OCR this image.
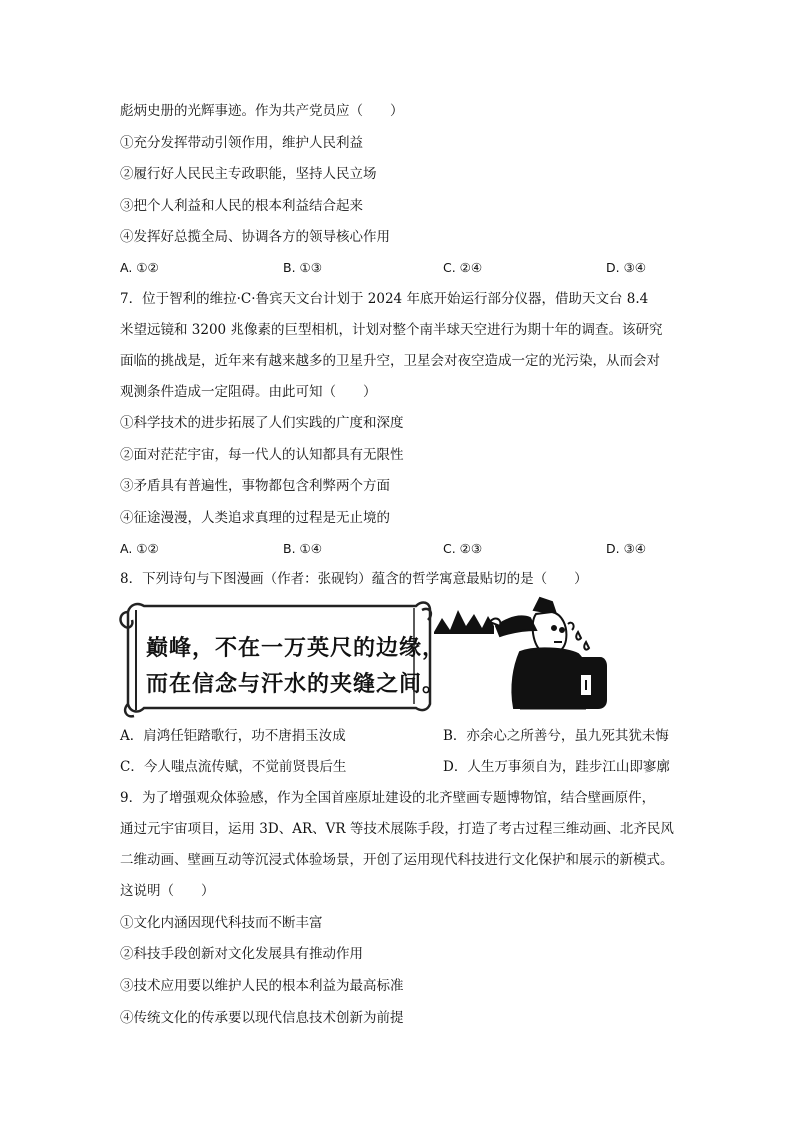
彪炳史册的光辉事迹。作为共产党员应（　　）
①充分发挥带动引领作用，维护人民利益
②履行好人民民主专政职能，坚持人民立场
③把个人利益和人民的根本利益结合起来
④发挥好总揽全局、协调各方的领导核心作用
A. ①②	B. ①③	C. ②④	D. ③④
7．位于智利的维拉·C·鲁宾天文台计划于 2024 年底开始运行部分仪器，借助天文台 8.4
米望远镜和 3200 兆像素的巨型相机，计划对整个南半球天空进行为期十年的调查。该研究
面临的挑战是，近年来有越来越多的卫星升空，卫星会对夜空造成一定的光污染，从而会对
观测条件造成一定阻碍。由此可知（　　）
①科学技术的进步拓展了人们实践的广度和深度
②面对茫茫宇宙，每一代人的认知都具有无限性
③矛盾具有普遍性，事物都包含利弊两个方面
④征途漫漫，人类追求真理的过程是无止境的
A. ①②	B. ①④	C. ②③	D. ③④
8．下列诗句与下图漫画（作者：张砚钧）蕴含的哲学寓意最贴切的是（　　）
巅峰，不在一万英尺的边缘，
而在信念与汗水的夹缝之间。
A．肩鸿任钜踏歌行，功不唐捐玉汝成	B．亦余心之所善兮，虽九死其犹未悔
C．今人嗤点流传赋，不觉前贤畏后生	D．人生万事须自为，跬步江山即寥廓
9．为了增强观众体验感，作为全国首座原址建设的北齐壁画专题博物馆，结合壁画原件，
通过元宇宙项目，运用 3D、AR、VR 等技术展陈手段，打造了考古过程三维动画、北齐民风
二维动画、壁画互动等沉浸式体验场景，开创了运用现代科技进行文化保护和展示的新模式。
这说明（　　）
①文化内涵因现代科技而不断丰富
②科技手段创新对文化发展具有推动作用
③技术应用要以维护人民的根本利益为最高标准
④传统文化的传承要以现代信息技术创新为前提
